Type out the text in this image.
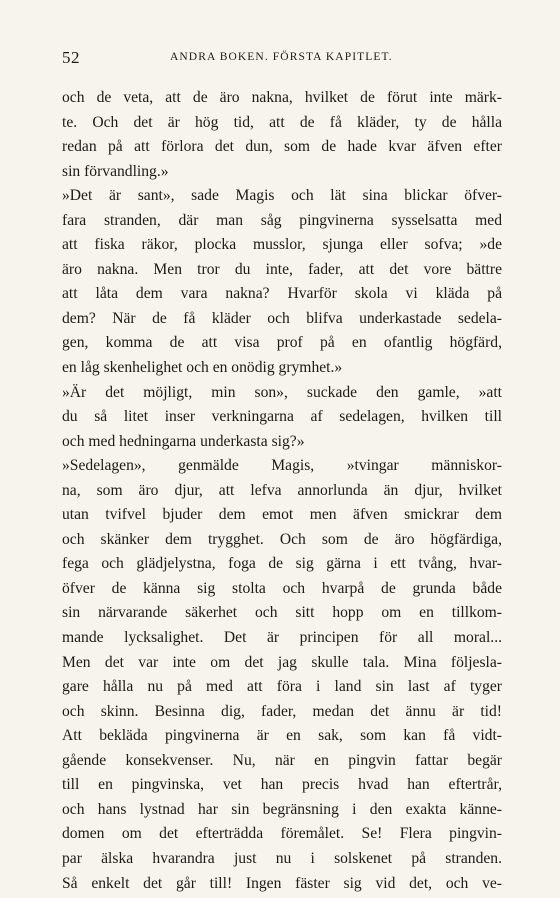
52	ANDRA BOKEN. FÖRSTA KAPITLET.
och de veta, att de äro nakna, hvilket de förut inte märk-
te. Och det är hög tid, att de få kläder, ty de hålla
redan på att förlora det dun, som de hade kvar äfven efter
sin förvandling.»
»Det är sant», sade Magis och lät sina blickar öfver-
fara stranden, där man såg pingvinerna sysselsatta med
att fiska räkor, plocka musslor, sjunga eller sofva; »de
äro nakna. Men tror du inte, fader, att det vore bättre
att låta dem vara nakna? Hvarför skola vi kläda på
dem? När de få kläder och blifva underkastade sedela-
gen, komma de att visa prof på en ofantlig högfärd,
en låg skenhelighet och en onödig grymhet.»
»Är det möjligt, min son», suckade den gamle, »att
du så litet inser verkningarna af sedelagen, hvilken till
och med hedningarna underkasta sig?»
»Sedelagen», genmälde Magis, »tvingar människor-
na, som äro djur, att lefva annorlunda än djur, hvilket
utan tvifvel bjuder dem emot men äfven smickrar dem
och skänker dem trygghet. Och som de äro högfärdiga,
fega och glädjelystna, foga de sig gärna i ett tvång, hvar-
öfver de känna sig stolta och hvarpå de grunda både
sin närvarande säkerhet och sitt hopp om en tillkom-
mande lycksalighet. Det är principen för all moral...
Men det var inte om det jag skulle tala. Mina följesla-
gare hålla nu på med att föra i land sin last af tyger
och skinn. Besinna dig, fader, medan det ännu är tid!
Att bekläda pingvinerna är en sak, som kan få vidt-
gående konsekvenser. Nu, när en pingvin fattar begär
till en pingvinska, vet han precis hvad han eftertrår,
och hans lystnad har sin begränsning i den exakta känne-
domen om det efterträdda föremålet. Se! Flera pingvin-
par älska hvarandra just nu i solskenet på stranden.
Så enkelt det går till! Ingen fäster sig vid det, och ve-
